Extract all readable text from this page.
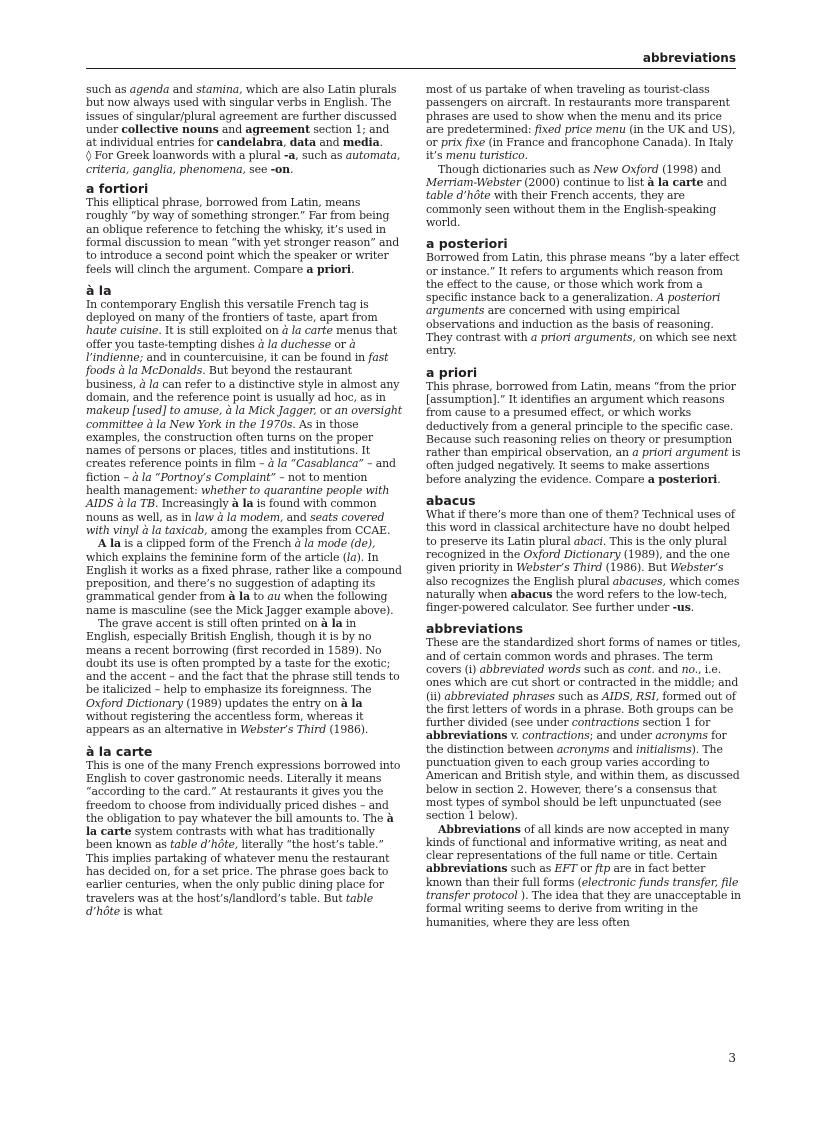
abbreviations

such as agenda and stamina, which are also Latin plurals but now always used with singular verbs in English. The issues of singular/plural agreement are further discussed under collective nouns and agreement section 1; and at individual entries for candelabra, data and media.

◊ For Greek loanwords with a plural -a, such as automata, criteria, ganglia, phenomena, see -on.

a fortiori

This elliptical phrase, borrowed from Latin, means roughly “by way of something stronger.” Far from being an oblique reference to fetching the whisky, it’s used in formal discussion to mean “with yet stronger reason” and to introduce a second point which the speaker or writer feels will clinch the argument. Compare a priori.

à la

In contemporary English this versatile French tag is deployed on many of the frontiers of taste, apart from haute cuisine. It is still exploited on à la carte menus that offer you taste-tempting dishes à la duchesse or à l’indienne; and in countercuisine, it can be found in fast foods à la McDonalds. But beyond the restaurant business, à la can refer to a distinctive style in almost any domain, and the reference point is usually ad hoc, as in makeup [used] to amuse, à la Mick Jagger, or an oversight committee à la New York in the 1970s. As in those examples, the construction often turns on the proper names of persons or places, titles and institutions. It creates reference points in film – à la “Casablanca” – and fiction – à la “Portnoy’s Complaint” – not to mention health management: whether to quarantine people with AIDS à la TB. Increasingly à la is found with common nouns as well, as in law à la modem, and seats covered with vinyl à la taxicab, among the examples from CCAE.

A la is a clipped form of the French à la mode (de), which explains the feminine form of the article (la). In English it works as a fixed phrase, rather like a compound preposition, and there’s no suggestion of adapting its grammatical gender from à la to au when the following name is masculine (see the Mick Jagger example above).

The grave accent is still often printed on à la in English, especially British English, though it is by no means a recent borrowing (first recorded in 1589). No doubt its use is often prompted by a taste for the exotic; and the accent – and the fact that the phrase still tends to be italicized – help to emphasize its foreignness. The Oxford Dictionary (1989) updates the entry on à la without registering the accentless form, whereas it appears as an alternative in Webster’s Third (1986).

à la carte

This is one of the many French expressions borrowed into English to cover gastronomic needs. Literally it means “according to the card.” At restaurants it gives you the freedom to choose from individually priced dishes – and the obligation to pay whatever the bill amounts to. The à la carte system contrasts with what has traditionally been known as table d’hôte, literally “the host’s table.” This implies partaking of whatever menu the restaurant has decided on, for a set price. The phrase goes back to earlier centuries, when the only public dining place for travelers was at the host’s/landlord’s table. But table d’hôte is what

most of us partake of when traveling as tourist-class passengers on aircraft. In restaurants more transparent phrases are used to show when the menu and its price are predetermined: fixed price menu (in the UK and US), or prix fixe (in France and francophone Canada). In Italy it’s menu turistico.

Though dictionaries such as New Oxford (1998) and Merriam-Webster (2000) continue to list à la carte and table d’hôte with their French accents, they are commonly seen without them in the English-speaking world.

a posteriori

Borrowed from Latin, this phrase means “by a later effect or instance.” It refers to arguments which reason from the effect to the cause, or those which work from a specific instance back to a generalization. A posteriori arguments are concerned with using empirical observations and induction as the basis of reasoning. They contrast with a priori arguments, on which see next entry.

a priori

This phrase, borrowed from Latin, means “from the prior [assumption].” It identifies an argument which reasons from cause to a presumed effect, or which works deductively from a general principle to the specific case. Because such reasoning relies on theory or presumption rather than empirical observation, an a priori argument is often judged negatively. It seems to make assertions before analyzing the evidence. Compare a posteriori.

abacus

What if there’s more than one of them? Technical uses of this word in classical architecture have no doubt helped to preserve its Latin plural abaci. This is the only plural recognized in the Oxford Dictionary (1989), and the one given priority in Webster’s Third (1986). But Webster’s also recognizes the English plural abacuses, which comes naturally when abacus the word refers to the low-tech, finger-powered calculator. See further under -us.

abbreviations

These are the standardized short forms of names or titles, and of certain common words and phrases. The term covers (i) abbreviated words such as cont. and no., i.e. ones which are cut short or contracted in the middle; and (ii) abbreviated phrases such as AIDS, RSI, formed out of the first letters of words in a phrase. Both groups can be further divided (see under contractions section 1 for abbreviations v. contractions; and under acronyms for the distinction between acronyms and initialisms). The punctuation given to each group varies according to American and British style, and within them, as discussed below in section 2. However, there’s a consensus that most types of symbol should be left unpunctuated (see section 1 below).

Abbreviations of all kinds are now accepted in many kinds of functional and informative writing, as neat and clear representations of the full name or title. Certain abbreviations such as EFT or ftp are in fact better known than their full forms (electronic funds transfer, file transfer protocol ). The idea that they are unacceptable in formal writing seems to derive from writing in the humanities, where they are less often

3
